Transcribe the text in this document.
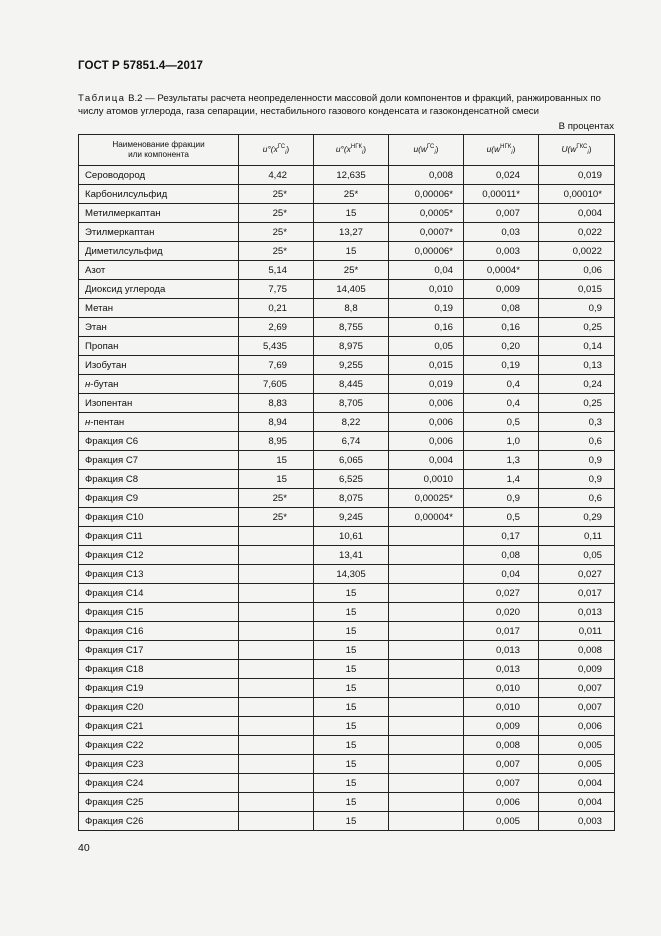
ГОСТ Р 57851.4—2017
Таблица В.2 — Результаты расчета неопределенности массовой доли компонентов и фракций, ранжированных по числу атомов углерода, газа сепарации, нестабильного газового конденсата и газоконденсатной смеси
В процентах
Наименование фракции
или компонента	$u^\circ(x^{ГС}_i)$	$u^\circ(x^{НГК}_i)$	$u(w^{ГС}_i)$	$u(w^{НГК}_i)$	$U(w^{ГКС}_i)$
Сероводород	4,42	12,635	0,008	0,024	0,019
Карбонилсульфид	25*	25*	0,00006*	0,00011*	0,00010*
Метилмеркаптан	25*	15	0,0005*	0,007	0,004
Этилмеркаптан	25*	13,27	0,0007*	0,03	0,022
Диметилсульфид	25*	15	0,00006*	0,003	0,0022
Азот	5,14	25*	0,04	0,0004*	0,06
Диоксид углерода	7,75	14,405	0,010	0,009	0,015
Метан	0,21	8,8	0,19	0,08	0,9
Этан	2,69	8,755	0,16	0,16	0,25
Пропан	5,435	8,975	0,05	0,20	0,14
Изобутан	7,69	9,255	0,015	0,19	0,13
н-бутан	7,605	8,445	0,019	0,4	0,24
Изопентан	8,83	8,705	0,006	0,4	0,25
н-пентан	8,94	8,22	0,006	0,5	0,3
Фракция С6	8,95	6,74	0,006	1,0	0,6
Фракция С7	15	6,065	0,004	1,3	0,9
Фракция С8	15	6,525	0,0010	1,4	0,9
Фракция С9	25*	8,075	0,00025*	0,9	0,6
Фракция С10	25*	9,245	0,00004*	0,5	0,29
Фракция С11		10,61		0,17	0,11
Фракция С12		13,41		0,08	0,05
Фракция С13		14,305		0,04	0,027
Фракция С14		15		0,027	0,017
Фракция С15		15		0,020	0,013
Фракция С16		15		0,017	0,011
Фракция С17		15		0,013	0,008
Фракция С18		15		0,013	0,009
Фракция С19		15		0,010	0,007
Фракция С20		15		0,010	0,007
Фракция С21		15		0,009	0,006
Фракция С22		15		0,008	0,005
Фракция С23		15		0,007	0,005
Фракция С24		15		0,007	0,004
Фракция С25		15		0,006	0,004
Фракция С26		15		0,005	0,003
40
